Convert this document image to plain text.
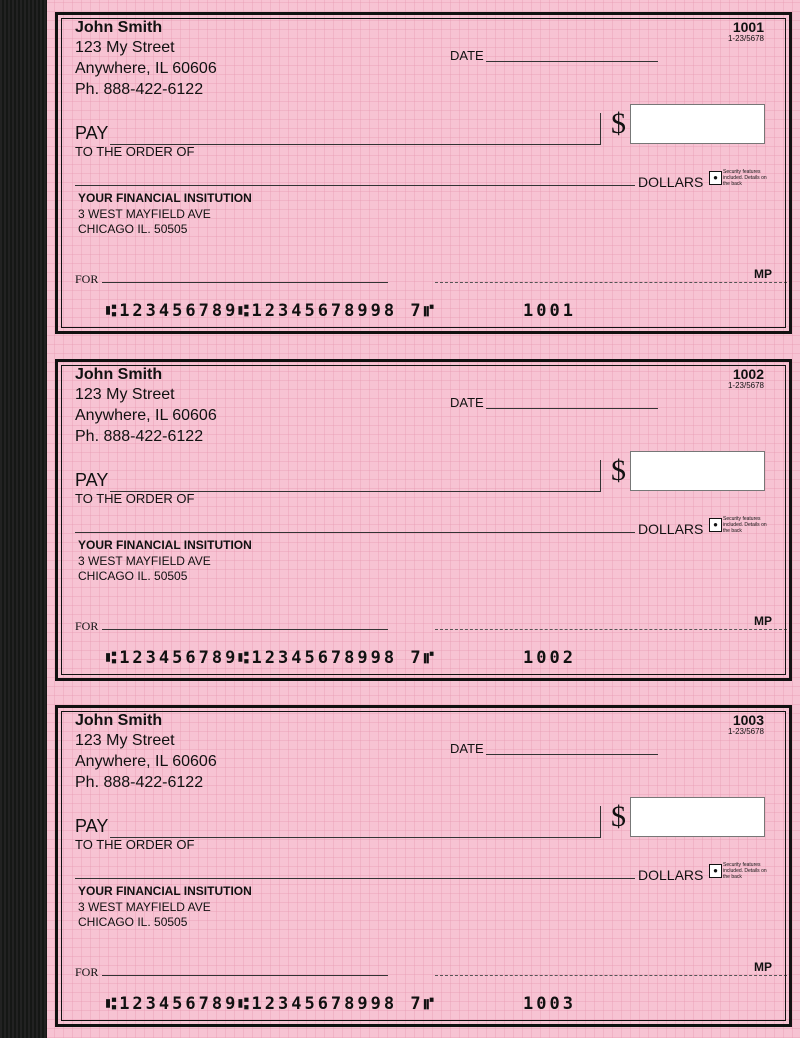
John Smith
123 My Street
Anywhere, IL 60606
Ph. 888-422-6122
DATE
1001
1-23/5678
$
PAY
TO THE ORDER OF
DOLLARS	●
Security features included. Details on the back
YOUR FINANCIAL INSITUTION
3 WEST MAYFIELD AVE
CHICAGO IL. 50505
FOR	MP
⑆123456789⑆12345678998 7⑈	1001
John Smith
123 My Street
Anywhere, IL 60606
Ph. 888-422-6122
DATE
1002
1-23/5678
$
PAY
TO THE ORDER OF
DOLLARS	●
Security features included. Details on the back
YOUR FINANCIAL INSITUTION
3 WEST MAYFIELD AVE
CHICAGO IL. 50505
FOR	MP
⑆123456789⑆12345678998 7⑈	1002
John Smith
123 My Street
Anywhere, IL 60606
Ph. 888-422-6122
DATE
1003
1-23/5678
$
PAY
TO THE ORDER OF
DOLLARS	●
Security features included. Details on the back
YOUR FINANCIAL INSITUTION
3 WEST MAYFIELD AVE
CHICAGO IL. 50505
FOR	MP
⑆123456789⑆12345678998 7⑈	1003
